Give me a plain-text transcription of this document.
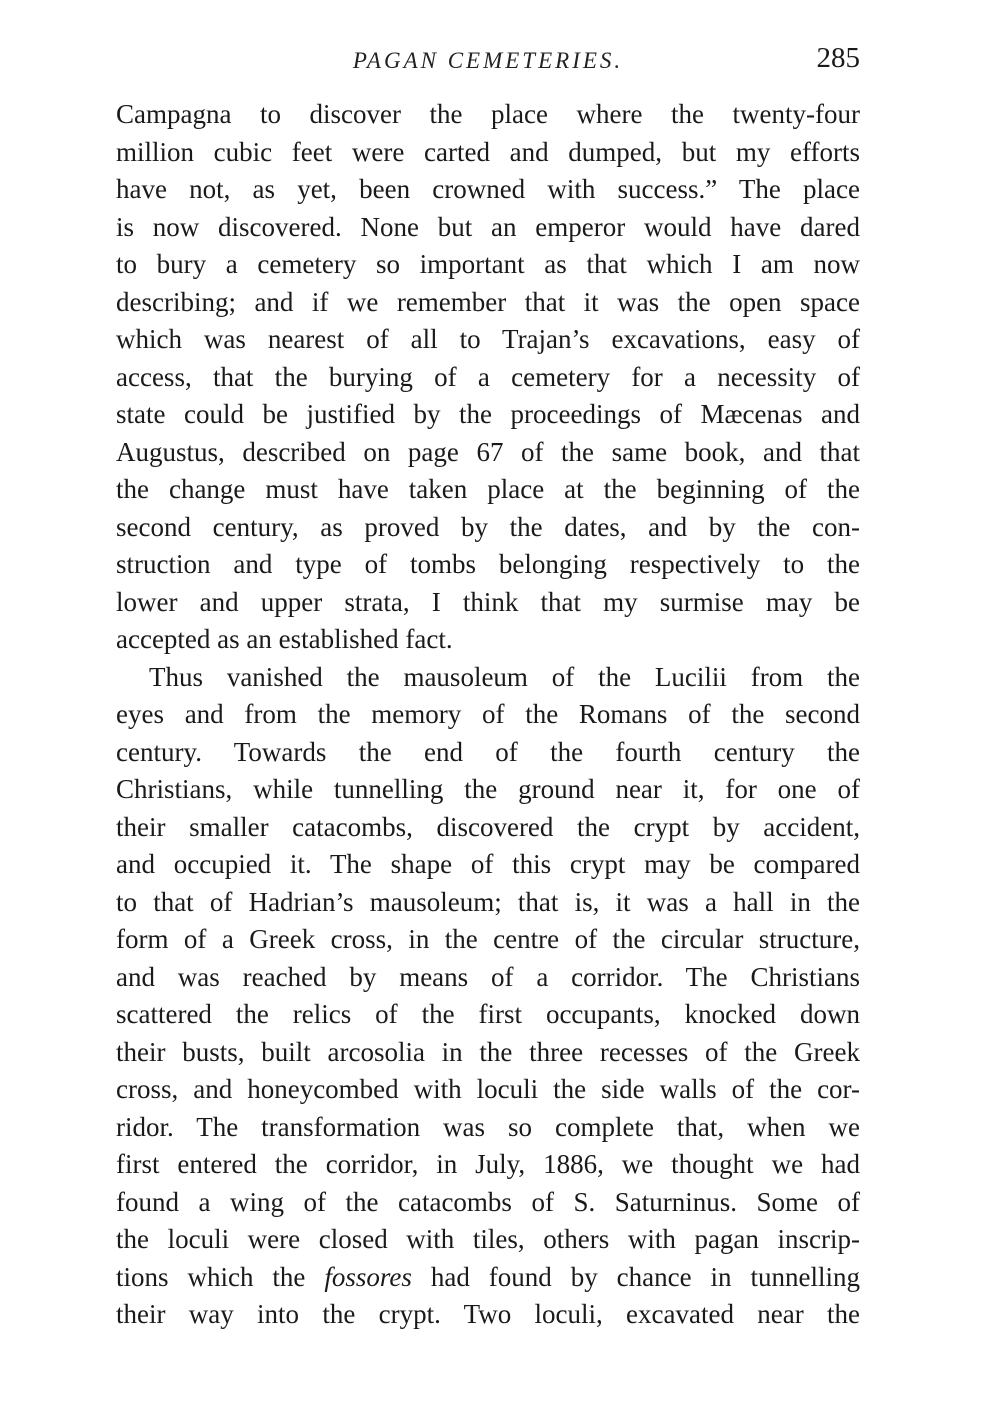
PAGAN CEMETERIES.	285
Campagna to discover the place where the twenty-four
million cubic feet were carted and dumped, but my efforts
have not, as yet, been crowned with success.” The place
is now discovered. None but an emperor would have dared
to bury a cemetery so important as that which I am now
describing; and if we remember that it was the open space
which was nearest of all to Trajan’s excavations, easy of
access, that the burying of a cemetery for a necessity of
state could be justified by the proceedings of Mæcenas and
Augustus, described on page 67 of the same book, and that
the change must have taken place at the beginning of the
second century, as proved by the dates, and by the con-
struction and type of tombs belonging respectively to the
lower and upper strata, I think that my surmise may be
accepted as an established fact.
Thus vanished the mausoleum of the Lucilii from the
eyes and from the memory of the Romans of the second
century. Towards the end of the fourth century the
Christians, while tunnelling the ground near it, for one of
their smaller catacombs, discovered the crypt by accident,
and occupied it. The shape of this crypt may be compared
to that of Hadrian’s mausoleum; that is, it was a hall in the
form of a Greek cross, in the centre of the circular structure,
and was reached by means of a corridor. The Christians
scattered the relics of the first occupants, knocked down
their busts, built arcosolia in the three recesses of the Greek
cross, and honeycombed with loculi the side walls of the cor-
ridor. The transformation was so complete that, when we
first entered the corridor, in July, 1886, we thought we had
found a wing of the catacombs of S. Saturninus. Some of
the loculi were closed with tiles, others with pagan inscrip-
tions which the fossores had found by chance in tunnelling
their way into the crypt. Two loculi, excavated near the
